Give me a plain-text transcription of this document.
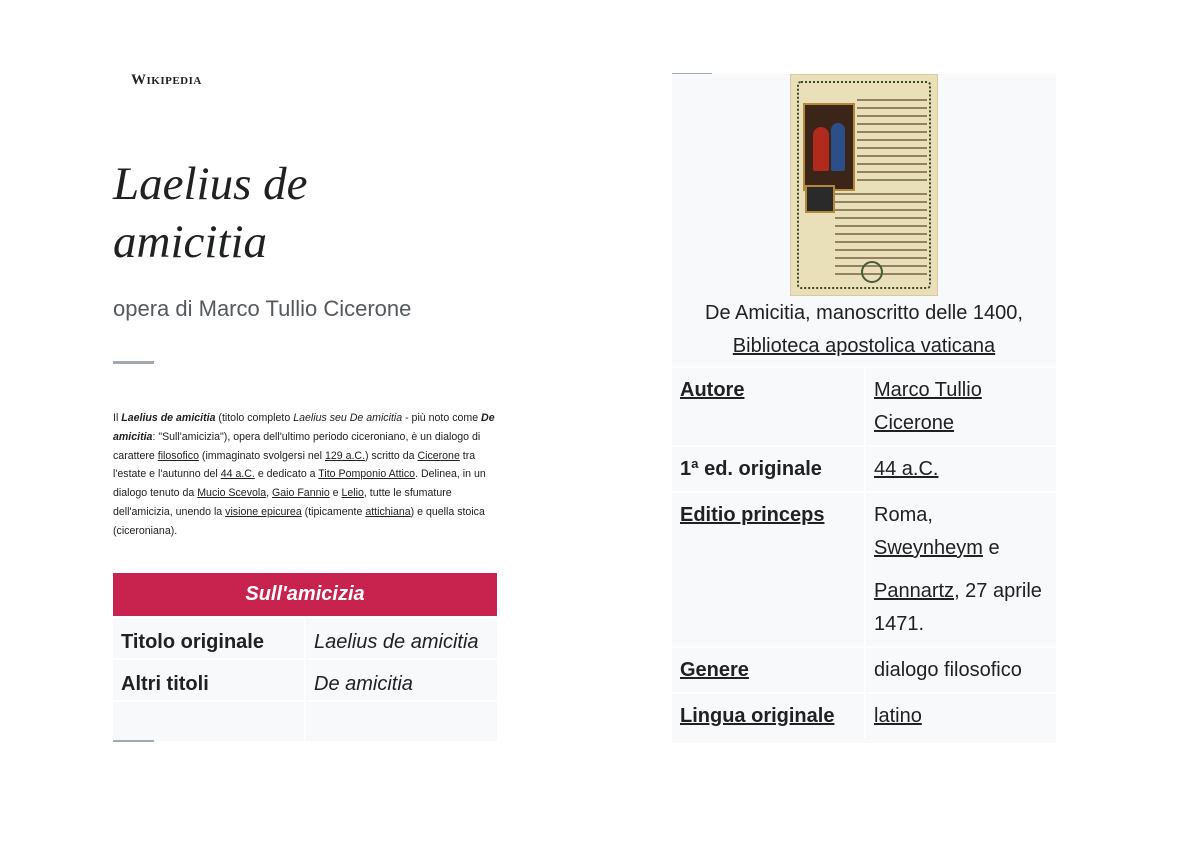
Wikipedia
Laelius de
amicitia
opera di Marco Tullio Cicerone
Il Laelius de amicitia (titolo completo Laelius seu De amicitia - più noto come De amicitia: "Sull'amicizia"), opera dell'ultimo periodo ciceroniano, è un dialogo di carattere filosofico (immaginato svolgersi nel 129 a.C.) scritto da Cicerone tra l'estate e l'autunno del 44 a.C. e dedicato a Tito Pomponio Attico. Delinea, in un dialogo tenuto da Mucio Scevola, Gaio Fannio e Lelio, tutte le sfumature dell'amicizia, unendo la visione epicurea (tipicamente attichiana) e quella stoica (ciceroniana).
Sull'amicizia	
Titolo originale	Laelius de amicitia
Altri titoli	De amicitia

De Amicitia, manoscritto delle 1400,
Biblioteca apostolica vaticana
Autore	Marco Tullio Cicerone
1ª ed. originale	44 a.C.
Editio princeps	Roma,
Sweynheym e

Pannartz, 27 aprile 1471.
Genere	dialogo filosofico
Lingua originale	latino
